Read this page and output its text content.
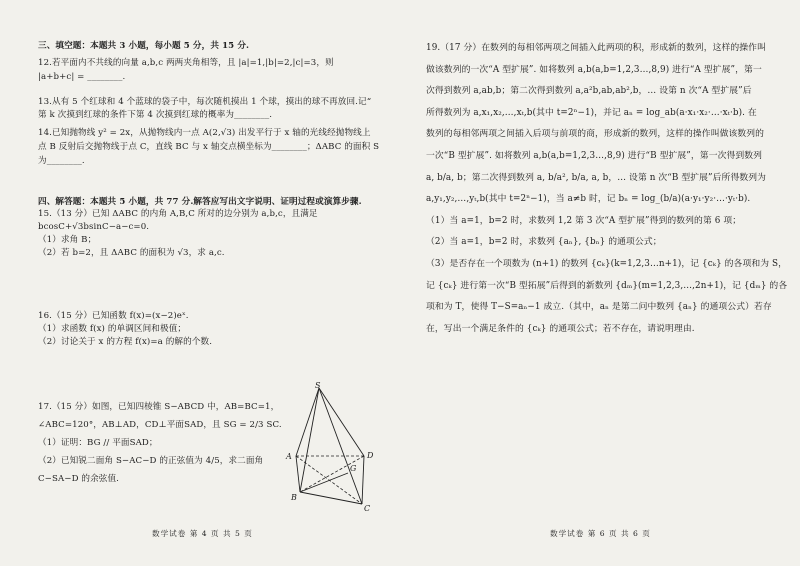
三、填空题：本题共 3 小题，每小题 5 分，共 15 分.
12.若平面内不共线的向量 a,b,c 两两夹角相等，且 |a|=1,|b|=2,|c|=3，则
|a+b+c| = ________.
13.从有 5 个红球和 4 个蓝球的袋子中，每次随机摸出 1 个球，摸出的球不再放回.记“
第 k 次摸到红球的条件下第 4 次摸到红球的概率为________.
14.已知抛物线 y² = 2x，从抛物线内一点 A(2,√3) 出发平行于 x 轴的光线经抛物线上
点 B 反射后交抛物线于点 C，直线 BC 与 x 轴交点横坐标为________；ΔABC 的面积 S
为________.
四、解答题：本题共 5 小题，共 77 分.解答应写出文字说明、证明过程或演算步骤.
15.（13 分）已知 ΔABC 的内角 A,B,C 所对的边分别为 a,b,c，且满足
bcosC+√3bsinC−a−c=0.
（1）求角 B；
（2）若 b=2，且 ΔABC 的面积为 √3，求 a,c.
16.（15 分）已知函数 f(x)=(x−2)eˣ.
（1）求函数 f(x) 的单调区间和极值；
（2）讨论关于 x 的方程 f(x)=a 的解的个数.
17.（15 分）如图，已知四棱锥 S−ABCD 中，AB=BC=1，
∠ABC=120°，AB⊥AD，CD⊥平面SAD，且 SG = 2/3 SC.
（1）证明：BG // 平面SAD；
（2）已知锐二面角 S−AC−D 的正弦值为 4/5，求二面角
C−SA−D 的余弦值.
S
A
B
C
D
G
数学试卷 第 4 页 共 5 页
19.（17 分）在数列的每相邻两项之间插入此两项的积，形成新的数列，这样的操作叫
做该数列的一次“A 型扩展”. 如将数列 a,b(a,b=1,2,3…,8,9) 进行“A 型扩展”，第一
次得到数列 a,ab,b；第二次得到数列 a,a²b,ab,ab²,b，… 设第 n 次“A 型扩展”后
所得数列为 a,x₁,x₂,…,xₜ,b(其中 t=2ⁿ−1)，并记 aₙ = log_ab(a·x₁·x₂·…·xₜ·b). 在
数列的每相邻两项之间插入后项与前项的商，形成新的数列，这样的操作叫做该数列的
一次“B 型扩展”. 如将数列 a,b(a,b=1,2,3…,8,9) 进行“B 型扩展”，第一次得到数列
a, b/a, b；第二次得到数列 a, b/a², b/a, a, b，… 设第 n 次“B 型扩展”后所得数列为
a,y₁,y₂,…,yₜ,b(其中 t=2ⁿ−1)，当 a≠b 时，记 bₙ = log_(b/a)(a·y₁·y₂·…·yₜ·b).
（1）当 a=1，b=2 时，求数列 1,2 第 3 次“A 型扩展”得到的数列的第 6 项；
（2）当 a=1，b=2 时，求数列 {aₙ}, {bₙ} 的通项公式；
（3）是否存在一个项数为 (n+1) 的数列 {cₖ}(k=1,2,3…n+1)，记 {cₖ} 的各项和为 S，
记 {cₖ} 进行第一次“B 型拓展”后得到的新数列 {dₘ}(m=1,2,3,…,2n+1)，记 {dₘ} 的各
项和为 T，使得 T−S=aₙ−1 成立.（其中，aₙ 是第二问中数列 {aₙ} 的通项公式）若存
在，写出一个满足条件的 {cₖ} 的通项公式；若不存在，请说明理由.
数学试卷 第 6 页 共 6 页
